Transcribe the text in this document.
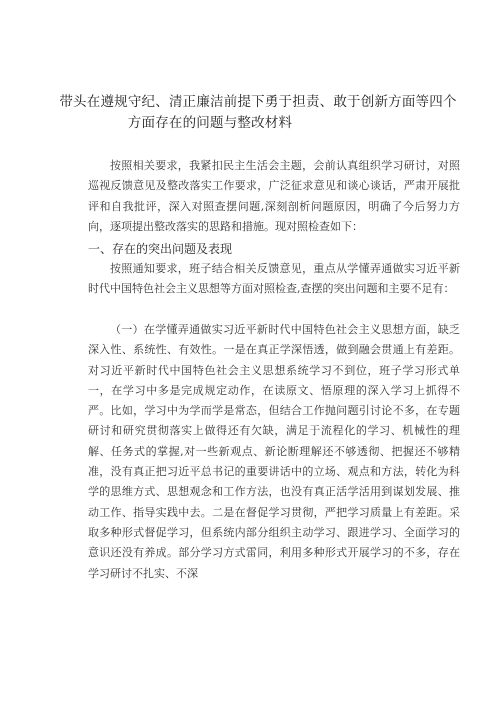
带头在遵规守纪、清正廉洁前提下勇于担责、敢于创新方面等四个
方面存在的问题与整改材料

按照相关要求，我紧扣民主生活会主题，会前认真组织学习研讨，对照巡视反馈意见及整改落实工作要求，广泛征求意见和谈心谈话，严肃开展批评和自我批评，深入对照查摆问题,深刻剖析问题原因，明确了今后努力方向，逐项提出整改落实的思路和措施。现对照检查如下：

一、存在的突出问题及表现

按照通知要求，班子结合相关反馈意见，重点从学懂弄通做实习近平新时代中国特色社会主义思想等方面对照检查,查摆的突出问题和主要不足有：

（一）在学懂弄通做实习近平新时代中国特色社会主义思想方面，缺乏深入性、系统性、有效性。一是在真正学深悟透，做到融会贯通上有差距。对习近平新时代中国特色社会主义思想系统学习不到位，班子学习形式单一，在学习中多是完成规定动作，在读原文、悟原理的深入学习上抓得不严。比如，学习中为学而学是常态，但结合工作抛问题引讨论不多，在专题研讨和研究贯彻落实上做得还有欠缺，满足于流程化的学习、机械性的理解、任务式的掌握,对一些新观点、新论断理解还不够透彻、把握还不够精准，没有真正把习近平总书记的重要讲话中的立场、观点和方法，转化为科学的思维方式、思想观念和工作方法，也没有真正活学活用到谋划发展、推动工作、指导实践中去。二是在督促学习贯彻，严把学习质量上有差距。采取多种形式督促学习，但系统内部分组织主动学习、跟进学习、全面学习的意识还没有养成。部分学习方式雷同，利用多种形式开展学习的不多，存在学习研讨不扎实、不深
